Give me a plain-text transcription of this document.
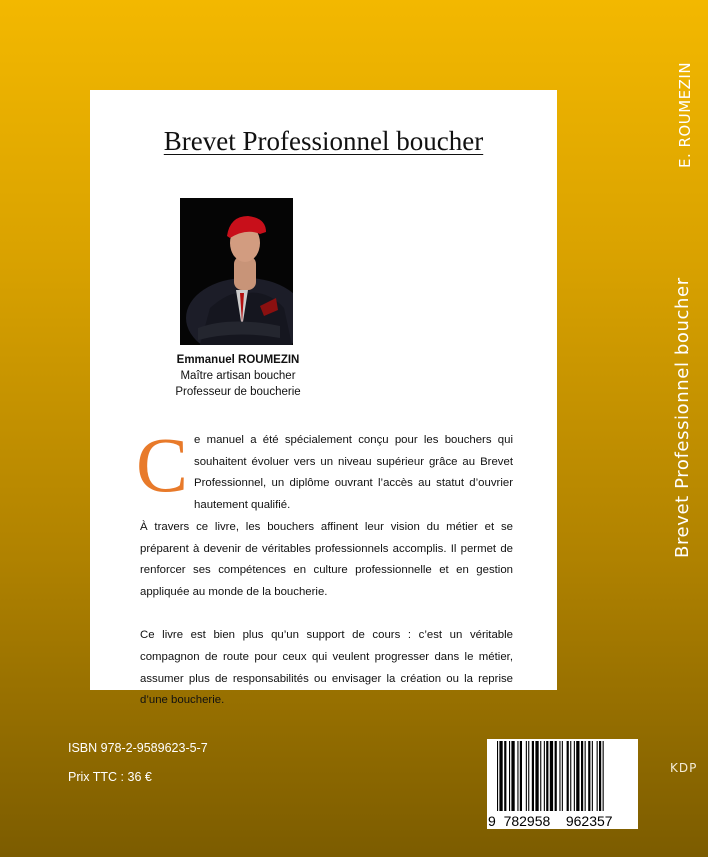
Brevet Professionnel boucher
Emmanuel ROUMEZIN
Maître artisan boucher
Professeur de boucherie

Ce manuel a été spécialement conçu pour les bouchers qui souhaitent évoluer vers un niveau supérieur grâce au Brevet Professionnel, un diplôme ouvrant l’accès au statut d’ouvrier hautement qualifié.

À travers ce livre, les bouchers affinent leur vision du métier et se préparent à devenir de véritables professionnels accomplis. Il permet de renforcer ses compétences en culture professionnelle et en gestion appliquée au monde de la boucherie.

Ce livre est bien plus qu’un support de cours : c’est un véritable compagnon de route pour ceux qui veulent progresser dans le métier, assumer plus de responsabilités ou envisager la création ou la reprise d’une boucherie.

E. ROUMEZIN
Brevet Professionnel boucher
ISBN 978-2-9589623-5-7
Prix TTC : 36 €
9  782958    962357
KDP
